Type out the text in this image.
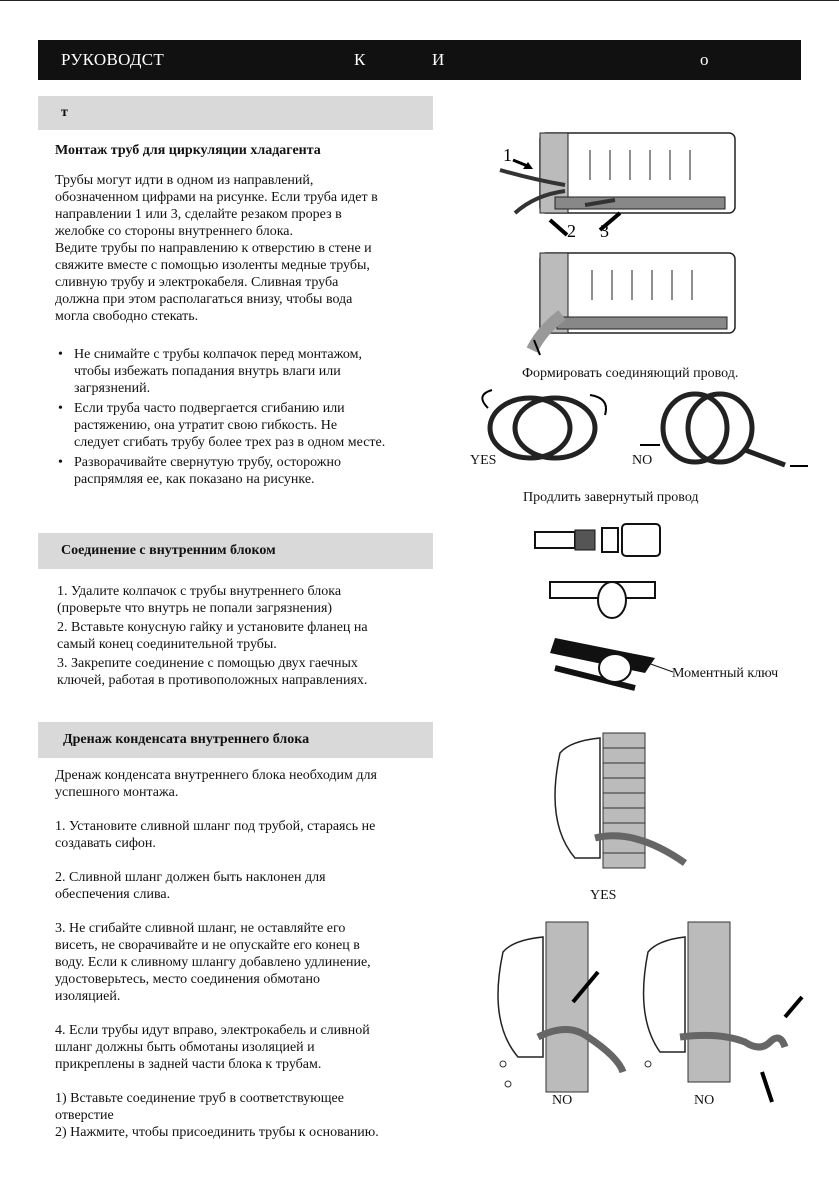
РУКОВОДСТ	К	И	о
т

Монтаж труб для циркуляции хладагента

Трубы могут идти в одном из направлений,

обозначенном цифрами на рисунке. Если труба идет в

направлении 1 или 3, сделайте резаком прорез в

желобке со стороны внутреннего блока.

Ведите трубы по направлению к отверстию в стене и

свяжите вместе с помощью изоленты медные трубы,

сливную трубу и электрокабеля. Сливная труба

должна при этом располагаться внизу, чтобы вода

могла свободно стекать.

• Не снимайте с трубы колпачок перед монтажом,
чтобы избежать попадания внутрь влаги или
загрязнений.
• Если труба часто подвергается сгибанию или
растяжению, она утратит свою гибкость. Не
следует сгибать трубу более трех раз в одном месте.
• Разворачивайте свернутую трубу, осторожно
распрямляя ее, как показано на рисунке.
Соединение с внутренним блоком
1. Удалите колпачок с трубы внутреннего блока
(проверьте что внутрь не попали загрязнения)
2. Вставьте конусную гайку и установите фланец на
самый конец соединительной трубы.
3. Закрепите соединение с помощью двух гаечных
ключей, работая в противоположных направлениях.
Дренаж конденсата внутреннего блока

Дренаж конденсата внутреннего блока необходим для
успешного монтажа.

1. Установите сливной шланг под трубой, стараясь не
создавать сифон.

2. Сливной шланг должен быть наклонен для
обеспечения слива.

3. Не сгибайте сливной шланг, не оставляйте его
висеть, не сворачивайте и не опускайте его конец в
воду. Если к сливному шлангу добавлено удлинение,
удостоверьтесь, место соединения обмотано
изоляцией.

4. Если трубы идут вправо, электрокабель и сливной
шланг должны быть обмотаны изоляцией и
прикреплены в задней части блока к трубам.

1) Вставьте соединение труб в соответствующее
отверстие
2) Нажмите, чтобы присоединить трубы к основанию.

1
2 3
Формировать соединяющий провод.
YES	NO
Продлить завернутый провод
Моментный ключ
YES
NO	NO
